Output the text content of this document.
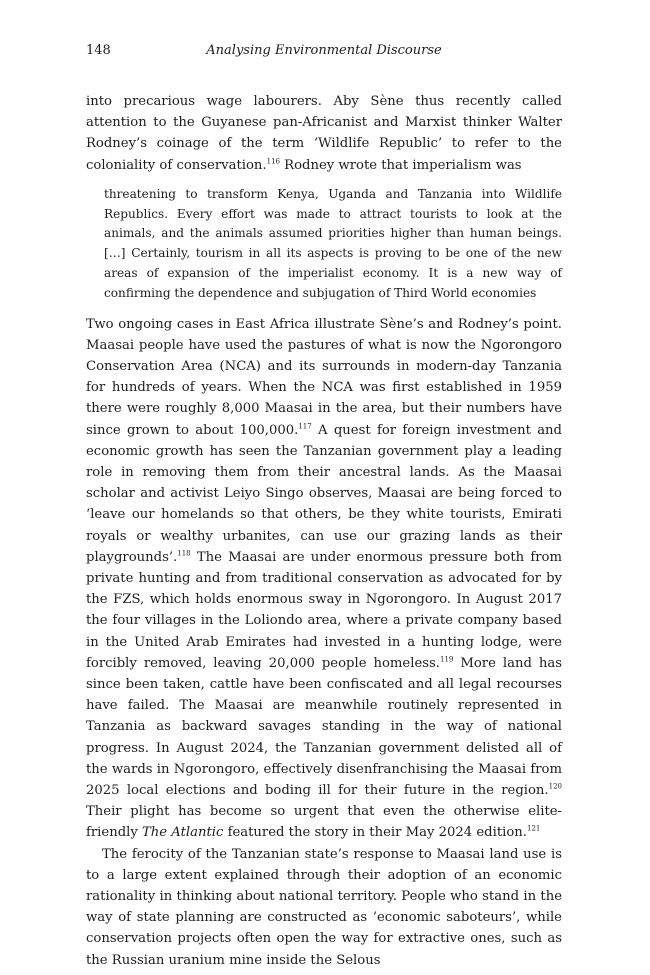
148	Analysing Environmental Discourse

into precarious wage labourers. Aby Sène thus recently called attention to the Guyanese pan-Africanist and Marxist thinker Walter Rodney’s coinage of the term ‘Wildlife Republic’ to refer to the coloniality of conservation.$^{116}$ Rodney wrote that imperialism was

threatening to transform Kenya, Uganda and Tanzania into Wildlife Republics. Every effort was made to attract tourists to look at the animals, and the animals assumed priorities higher than human beings. […] Certainly, tourism in all its aspects is proving to be one of the new areas of expansion of the imperialist economy. It is a new way of confirming the dependence and subjugation of Third World economies

Two ongoing cases in East Africa illustrate Sène’s and Rodney’s point. Maasai people have used the pastures of what is now the Ngorongoro Conservation Area (NCA) and its surrounds in modern-day Tanzania for hundreds of years. When the NCA was first established in 1959 there were roughly 8,000 Maasai in the area, but their numbers have since grown to about 100,000.$^{117}$ A quest for foreign investment and economic growth has seen the Tanzanian government play a leading role in removing them from their ancestral lands. As the Maasai scholar and activist Leiyo Singo observes, Maasai are being forced to ‘leave our homelands so that others, be they white tourists, Emirati royals or wealthy urbanites, can use our grazing lands as their playgrounds’.$^{118}$ The Maasai are under enormous pressure both from private hunting and from traditional conservation as advocated for by the FZS, which holds enormous sway in Ngorongoro. In August 2017 the four villages in the Loliondo area, where a private company based in the United Arab Emirates had invested in a hunting lodge, were forcibly removed, leaving 20,000 people homeless.$^{119}$ More land has since been taken, cattle have been confiscated and all legal recourses have failed. The Maasai are meanwhile routinely represented in Tanzania as backward savages standing in the way of national progress. In August 2024, the Tanzanian government delisted all of the wards in Ngorongoro, effectively disenfranchising the Maasai from 2025 local elections and boding ill for their future in the region.$^{120}$ Their plight has become so urgent that even the otherwise elite-friendly The Atlantic featured the story in their May 2024 edition.$^{121}$

The ferocity of the Tanzanian state’s response to Maasai land use is to a large extent explained through their adoption of an economic rationality in thinking about national territory. People who stand in the way of state planning are constructed as ‘economic saboteurs’, while conservation projects often open the way for extractive ones, such as the Russian uranium mine inside the Selous
